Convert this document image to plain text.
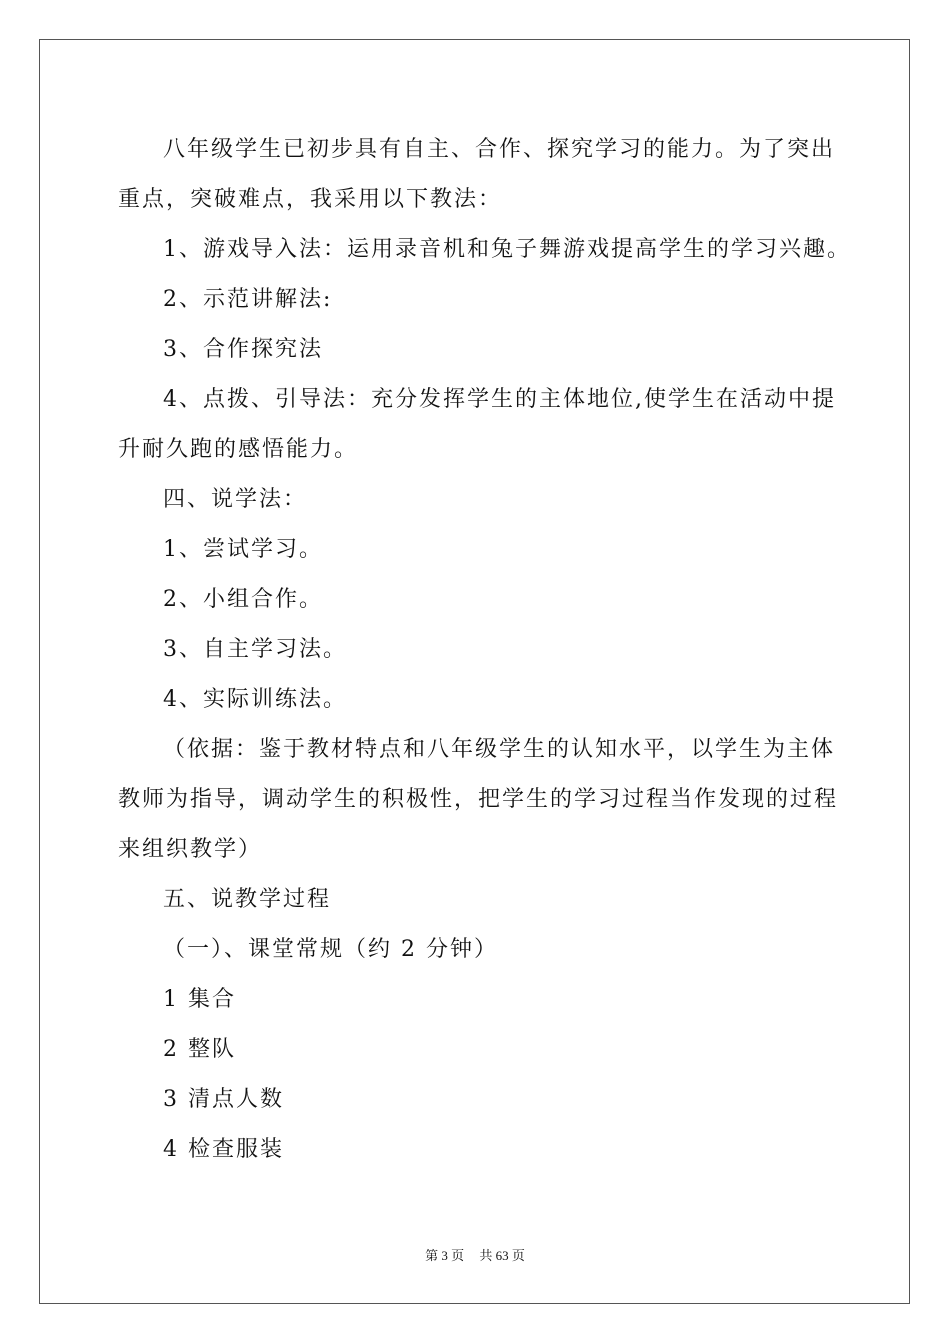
八年级学生已初步具有自主、合作、探究学习的能力。为了突出
重点，突破难点，我采用以下教法：
1、游戏导入法：运用录音机和兔子舞游戏提高学生的学习兴趣。
2、示范讲解法:
3、合作探究法
4、点拨、引导法：充分发挥学生的主体地位,使学生在活动中提
升耐久跑的感悟能力。
四、说学法：
1、尝试学习。
2、小组合作。
3、自主学习法。
4、实际训练法。
（依据：鉴于教材特点和八年级学生的认知水平，以学生为主体
教师为指导，调动学生的积极性，把学生的学习过程当作发现的过程
来组织教学）
五、说教学过程
（一）、课堂常规（约 2 分钟）
1 集合
2 整队
3 清点人数
4 检查服装
第 3 页 共 63 页
